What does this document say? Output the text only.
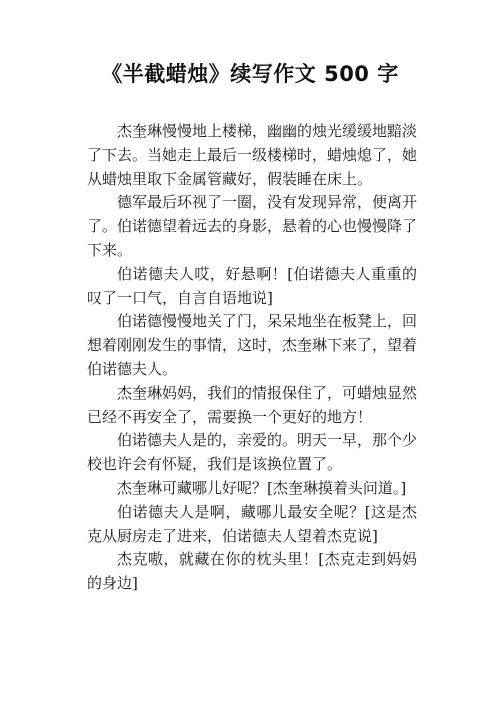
《半截蜡烛》续写作文 500 字

杰奎琳慢慢地上楼梯，幽幽的烛光缓缓地黯淡了下去。当她走上最后一级楼梯时，蜡烛熄了，她从蜡烛里取下金属管藏好，假装睡在床上。

德军最后环视了一圈，没有发现异常，便离开了。伯诺德望着远去的身影，悬着的心也慢慢降了下来。

伯诺德夫人哎，好悬啊！[伯诺德夫人重重的叹了一口气，自言自语地说]

伯诺德慢慢地关了门，呆呆地坐在板凳上，回想着刚刚发生的事情，这时，杰奎琳下来了，望着伯诺德夫人。

杰奎琳妈妈，我们的情报保住了，可蜡烛显然已经不再安全了，需要换一个更好的地方！

伯诺德夫人是的，亲爱的。明天一早，那个少校也许会有怀疑，我们是该换位置了。

杰奎琳可藏哪儿好呢？[杰奎琳摸着头问道。]

伯诺德夫人是啊，藏哪儿最安全呢？[这是杰克从厨房走了进来，伯诺德夫人望着杰克说]

杰克嗷，就藏在你的枕头里！[杰克走到妈妈的身边]
